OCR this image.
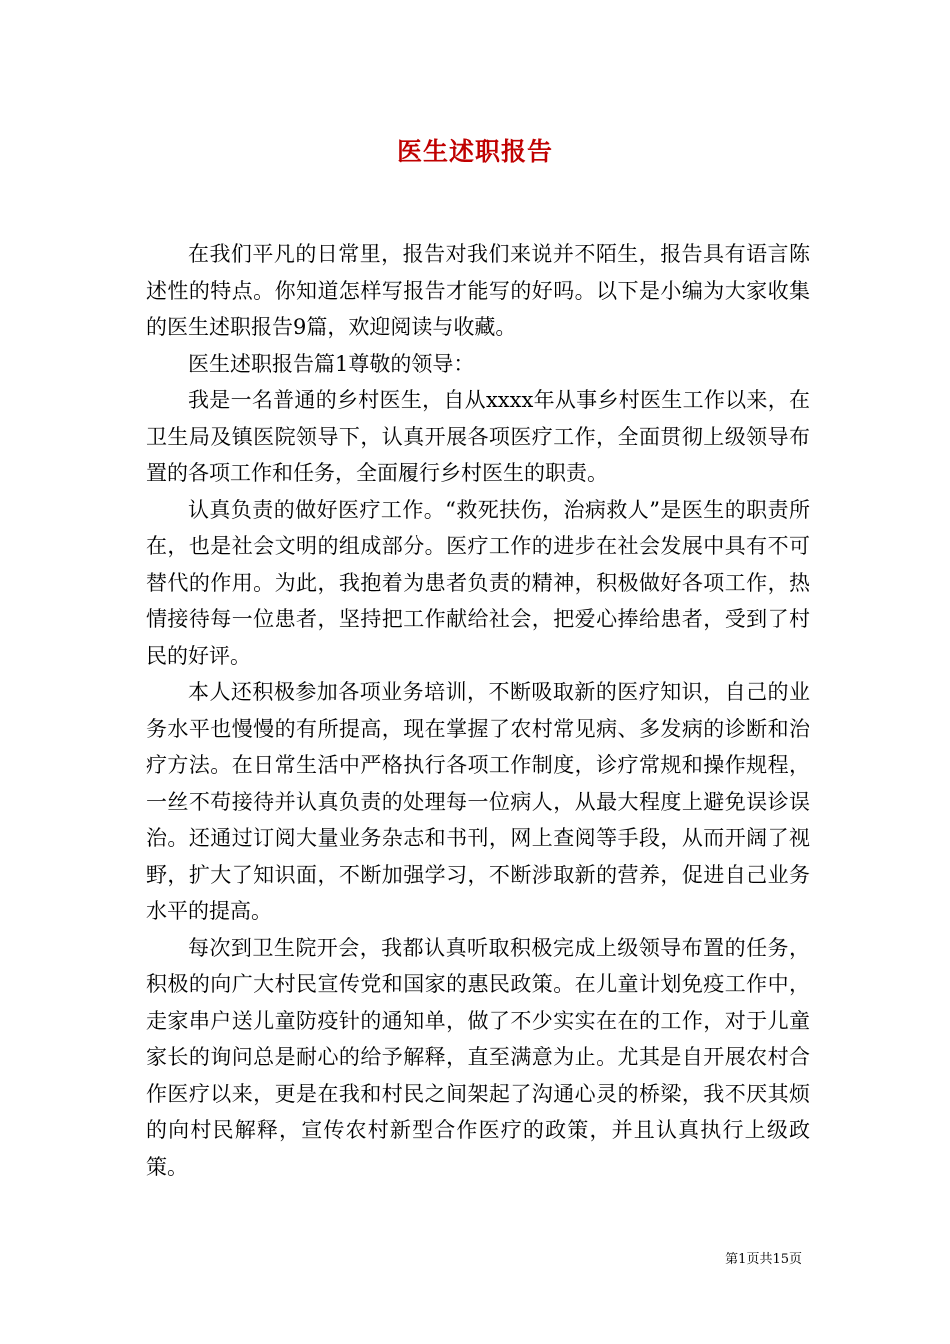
医生述职报告

在我们平凡的日常里，报告对我们来说并不陌生，报告具有语言陈述性的特点。你知道怎样写报告才能写的好吗。以下是小编为大家收集的医生述职报告9篇，欢迎阅读与收藏。

医生述职报告篇1尊敬的领导：

我是一名普通的乡村医生，自从xxxx年从事乡村医生工作以来，在卫生局及镇医院领导下，认真开展各项医疗工作，全面贯彻上级领导布置的各项工作和任务，全面履行乡村医生的职责。

认真负责的做好医疗工作。“救死扶伤，治病救人”是医生的职责所在，也是社会文明的组成部分。医疗工作的进步在社会发展中具有不可替代的作用。为此，我抱着为患者负责的精神，积极做好各项工作，热情接待每一位患者，坚持把工作献给社会，把爱心捧给患者，受到了村民的好评。

本人还积极参加各项业务培训，不断吸取新的医疗知识，自己的业务水平也慢慢的有所提高，现在掌握了农村常见病、多发病的诊断和治疗方法。在日常生活中严格执行各项工作制度，诊疗常规和操作规程，一丝不苟接待并认真负责的处理每一位病人，从最大程度上避免误诊误治。还通过订阅大量业务杂志和书刊，网上查阅等手段，从而开阔了视野，扩大了知识面，不断加强学习，不断涉取新的营养，促进自己业务水平的提高。

每次到卫生院开会，我都认真听取积极完成上级领导布置的任务，积极的向广大村民宣传党和国家的惠民政策。在儿童计划免疫工作中，走家串户送儿童防疫针的通知单，做了不少实实在在的工作，对于儿童家长的询问总是耐心的给予解释，直至满意为止。尤其是自开展农村合作医疗以来，更是在我和村民之间架起了沟通心灵的桥梁，我不厌其烦的向村民解释，宣传农村新型合作医疗的政策，并且认真执行上级政策。

第1页共15页
